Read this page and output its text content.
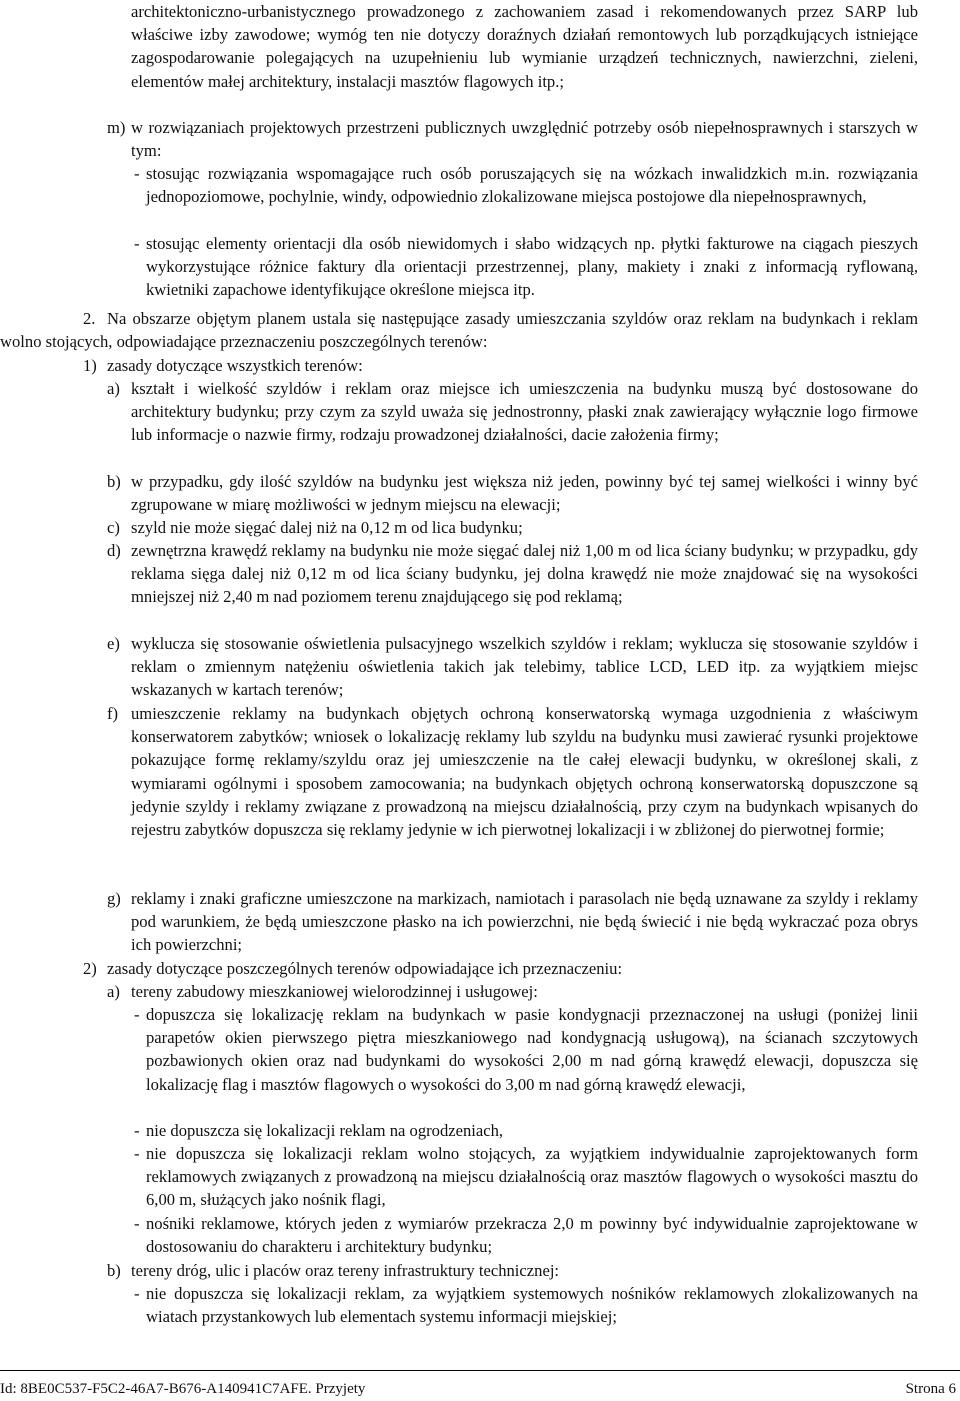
architektoniczno-urbanistycznego prowadzonego z zachowaniem zasad i rekomendowanych przez SARP lub właściwe izby zawodowe; wymóg ten nie dotyczy doraźnych działań remontowych lub porządkujących istniejące zagospodarowanie polegających na uzupełnieniu lub wymianie urządzeń technicznych, nawierzchni, zieleni, elementów małej architektury, instalacji masztów flagowych itp.;
m) w rozwiązaniach projektowych przestrzeni publicznych uwzględnić potrzeby osób niepełnosprawnych i starszych w tym:
- stosując rozwiązania wspomagające ruch osób poruszających się na wózkach inwalidzkich m.in. rozwiązania jednopoziomowe, pochylnie, windy, odpowiednio zlokalizowane miejsca postojowe dla niepełnosprawnych,
- stosując elementy orientacji dla osób niewidomych i słabo widzących np. płytki fakturowe na ciągach pieszych wykorzystujące różnice faktury dla orientacji przestrzennej, plany, makiety i znaki z informacją ryflowaną, kwietniki zapachowe identyfikujące określone miejsca itp.
2. Na obszarze objętym planem ustala się następujące zasady umieszczania szyldów oraz reklam na budynkach i reklam wolno stojących, odpowiadające przeznaczeniu poszczególnych terenów:
1) zasady dotyczące wszystkich terenów:
a) kształt i wielkość szyldów i reklam oraz miejsce ich umieszczenia na budynku muszą być dostosowane do architektury budynku; przy czym za szyld uważa się jednostronny, płaski znak zawierający wyłącznie logo firmowe lub informacje o nazwie firmy, rodzaju prowadzonej działalności, dacie założenia firmy;
b) w przypadku, gdy ilość szyldów na budynku jest większa niż jeden, powinny być tej samej wielkości i winny być zgrupowane w miarę możliwości w jednym miejscu na elewacji;
c) szyld nie może sięgać dalej niż na 0,12 m od lica budynku;
d) zewnętrzna krawędź reklamy na budynku nie może sięgać dalej niż 1,00 m od lica ściany budynku; w przypadku, gdy reklama sięga dalej niż 0,12 m od lica ściany budynku, jej dolna krawędź nie może znajdować się na wysokości mniejszej niż 2,40 m nad poziomem terenu znajdującego się pod reklamą;
e) wyklucza się stosowanie oświetlenia pulsacyjnego wszelkich szyldów i reklam; wyklucza się stosowanie szyldów i reklam o zmiennym natężeniu oświetlenia takich jak telebimy, tablice LCD, LED itp. za wyjątkiem miejsc wskazanych w kartach terenów;
f) umieszczenie reklamy na budynkach objętych ochroną konserwatorską wymaga uzgodnienia z właściwym konserwatorem zabytków; wniosek o lokalizację reklamy lub szyldu na budynku musi zawierać rysunki projektowe pokazujące formę reklamy/szyldu oraz jej umieszczenie na tle całej elewacji budynku, w określonej skali, z wymiarami ogólnymi i sposobem zamocowania; na budynkach objętych ochroną konserwatorską dopuszczone są jedynie szyldy i reklamy związane z prowadzoną na miejscu działalnością, przy czym na budynkach wpisanych do rejestru zabytków dopuszcza się reklamy jedynie w ich pierwotnej lokalizacji i w zbliżonej do pierwotnej formie;
g) reklamy i znaki graficzne umieszczone na markizach, namiotach i parasolach nie będą uznawane za szyldy i reklamy pod warunkiem, że będą umieszczone płasko na ich powierzchni, nie będą świecić i nie będą wykraczać poza obrys ich powierzchni;
2) zasady dotyczące poszczególnych terenów odpowiadające ich przeznaczeniu:
a) tereny zabudowy mieszkaniowej wielorodzinnej i usługowej:
- dopuszcza się lokalizację reklam na budynkach w pasie kondygnacji przeznaczonej na usługi (poniżej linii parapetów okien pierwszego piętra mieszkaniowego nad kondygnacją usługową), na ścianach szczytowych pozbawionych okien oraz nad budynkami do wysokości 2,00 m nad górną krawędź elewacji, dopuszcza się lokalizację flag i masztów flagowych o wysokości do 3,00 m nad górną krawędź elewacji,
- nie dopuszcza się lokalizacji reklam na ogrodzeniach,
- nie dopuszcza się lokalizacji reklam wolno stojących, za wyjątkiem indywidualnie zaprojektowanych form reklamowych związanych z prowadzoną na miejscu działalnością oraz masztów flagowych o wysokości masztu do 6,00 m, służących jako nośnik flagi,
- nośniki reklamowe, których jeden z wymiarów przekracza 2,0 m powinny być indywidualnie zaprojektowane w dostosowaniu do charakteru i architektury budynku;
b) tereny dróg, ulic i placów oraz tereny infrastruktury technicznej:
- nie dopuszcza się lokalizacji reklam, za wyjątkiem systemowych nośników reklamowych zlokalizowanych na wiatach przystankowych lub elementach systemu informacji miejskiej;
Id: 8BE0C537-F5C2-46A7-B676-A140941C7AFE. Przyjety	Strona 6
